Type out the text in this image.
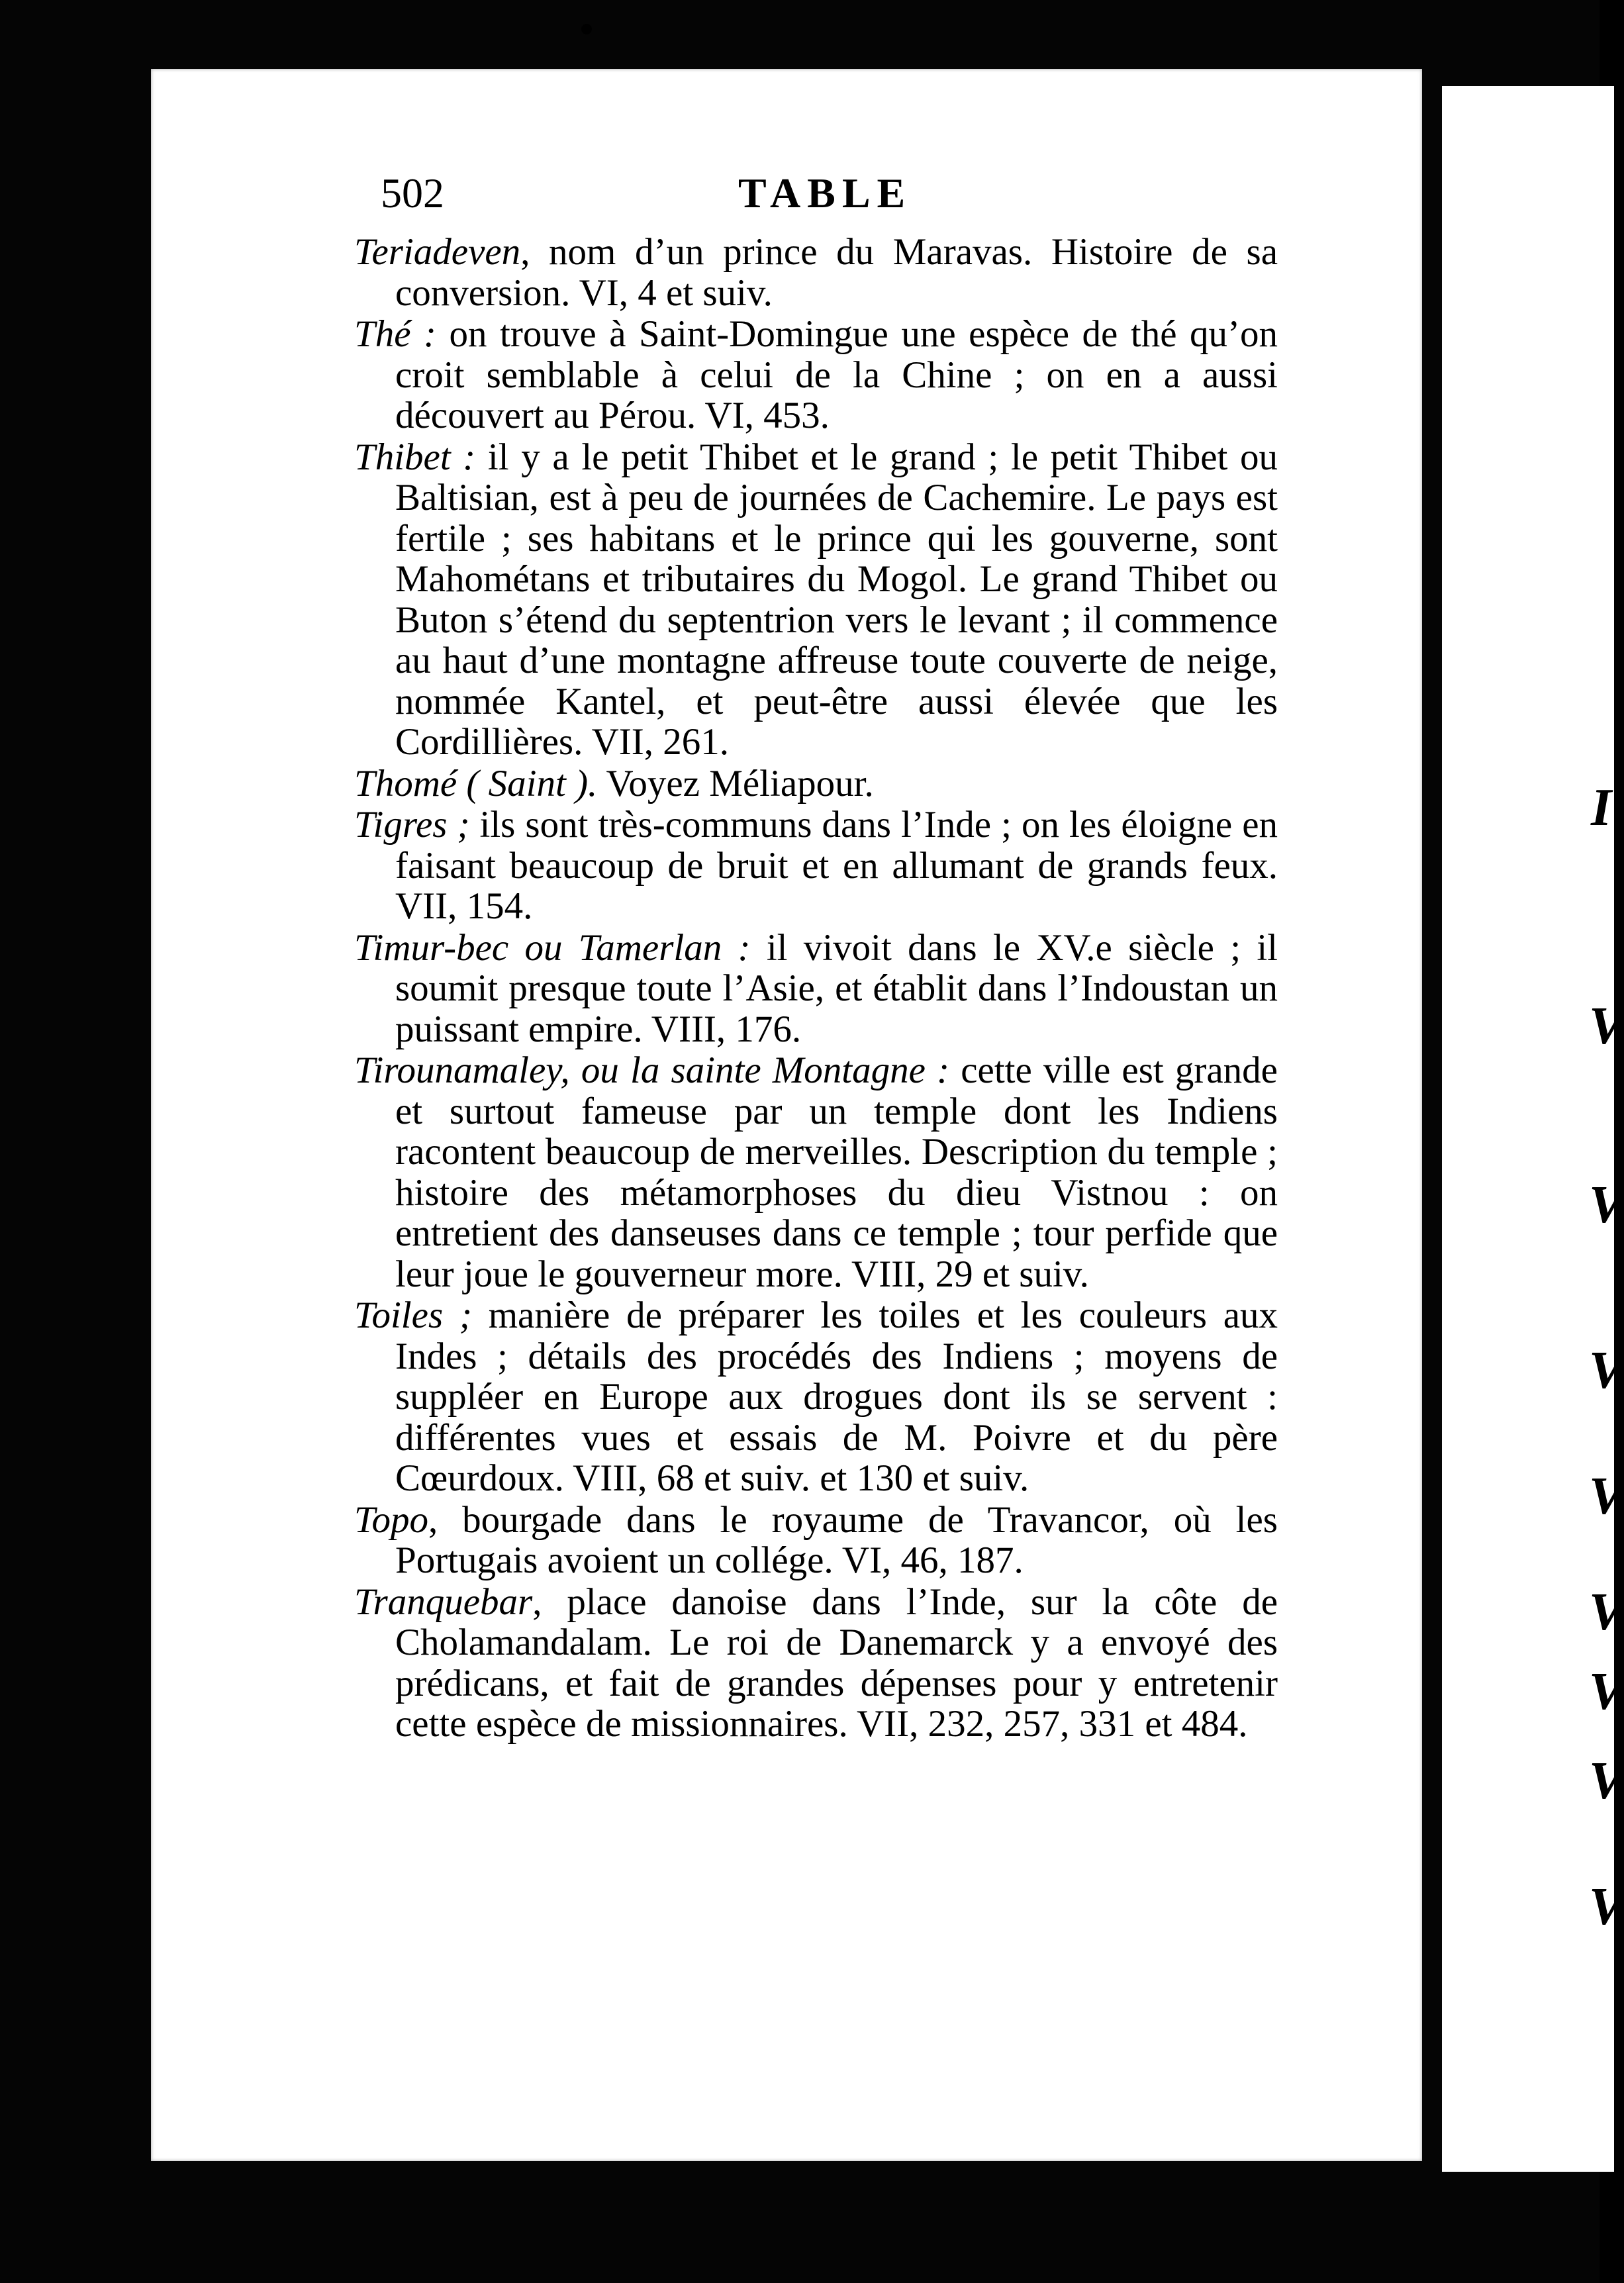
I
V
V
V
V
V
V
V
V
502	TABLE

Teriadeven, nom d’un prince du Maravas. Histoire de sa conversion. VI, 4 et suiv.

Thé : on trouve à Saint-Domingue une espèce de thé qu’on croit semblable à celui de la Chine ; on en a aussi découvert au Pérou. VI, 453.

Thibet : il y a le petit Thibet et le grand ; le petit Thibet ou Baltisian, est à peu de journées de Cachemire. Le pays est fertile ; ses habitans et le prince qui les gouverne, sont Mahométans et tributaires du Mogol. Le grand Thibet ou Buton s’étend du septentrion vers le levant ; il commence au haut d’une montagne affreuse toute couverte de neige, nommée Kantel, et peut-être aussi élevée que les Cordillières. VII, 261.

Thomé ( Saint ). Voyez Méliapour.

Tigres ; ils sont très-communs dans l’Inde ; on les éloigne en faisant beaucoup de bruit et en allumant de grands feux. VII, 154.

Timur-bec ou Tamerlan : il vivoit dans le XV.e siècle ; il soumit presque toute l’Asie, et établit dans l’Indoustan un puissant empire. VIII, 176.

Tirounamaley, ou la sainte Montagne : cette ville est grande et surtout fameuse par un temple dont les Indiens racontent beaucoup de merveilles. Description du temple ; histoire des métamorphoses du dieu Vistnou : on entretient des danseuses dans ce temple ; tour perfide que leur joue le gouverneur more. VIII, 29 et suiv.

Toiles ; manière de préparer les toiles et les couleurs aux Indes ; détails des procédés des Indiens ; moyens de suppléer en Europe aux drogues dont ils se servent : différentes vues et essais de M. Poivre et du père Cœurdoux. VIII, 68 et suiv. et 130 et suiv.

Topo, bourgade dans le royaume de Travancor, où les Portugais avoient un collége. VI, 46, 187.

Tranquebar, place danoise dans l’Inde, sur la côte de Cholamandalam. Le roi de Danemarck y a envoyé des prédicans, et fait de grandes dépenses pour y entretenir cette espèce de missionnaires. VII, 232, 257, 331 et 484.
